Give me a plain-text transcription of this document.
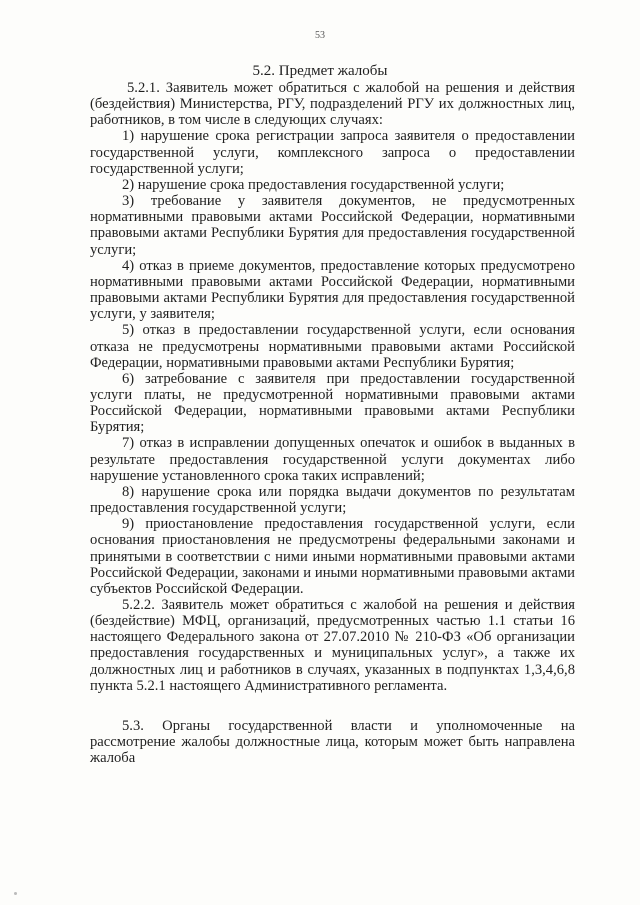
53
5.2. Предмет жалобы

5.2.1. Заявитель может обратиться с жалобой на решения и действия (бездействия) Министерства, РГУ, подразделений РГУ их должностных лиц, работников, в том числе в следующих случаях:

1) нарушение срока регистрации запроса заявителя о предоставлении государственной услуги, комплексного запроса о предоставлении государственной услуги;

2) нарушение срока предоставления государственной услуги;

3) требование у заявителя документов, не предусмотренных нормативными правовыми актами Российской Федерации, нормативными правовыми актами Республики Бурятия для предоставления государственной услуги;

4) отказ в приеме документов, предоставление которых предусмотрено нормативными правовыми актами Российской Федерации, нормативными правовыми актами Республики Бурятия для предоставления государственной услуги, у заявителя;

5) отказ в предоставлении государственной услуги, если основания отказа не предусмотрены нормативными правовыми актами Российской Федерации, нормативными правовыми актами Республики Бурятия;

6) затребование с заявителя при предоставлении государственной услуги платы, не предусмотренной нормативными правовыми актами Российской Федерации, нормативными правовыми актами Республики Бурятия;

7) отказ в исправлении допущенных опечаток и ошибок в выданных в результате предоставления государственной услуги документах либо нарушение установленного срока таких исправлений;

8) нарушение срока или порядка выдачи документов по результатам предоставления государственной услуги;

9) приостановление предоставления государственной услуги, если основания приостановления не предусмотрены федеральными законами и принятыми в соответствии с ними иными нормативными правовыми актами Российской Федерации, законами и иными нормативными правовыми актами субъектов Российской Федерации.

5.2.2. Заявитель может обратиться с жалобой на решения и действия (бездействие) МФЦ, организаций, предусмотренных частью 1.1 статьи 16 настоящего Федерального закона от 27.07.2010 № 210-ФЗ «Об организации предоставления государственных и муниципальных услуг», а также их должностных лиц и работников в случаях, указанных в подпунктах 1,3,4,6,8 пункта 5.2.1 настоящего Административного регламента.

5.3. Органы государственной власти и уполномоченные на рассмотрение жалобы должностные лица, которым может быть направлена жалоба
